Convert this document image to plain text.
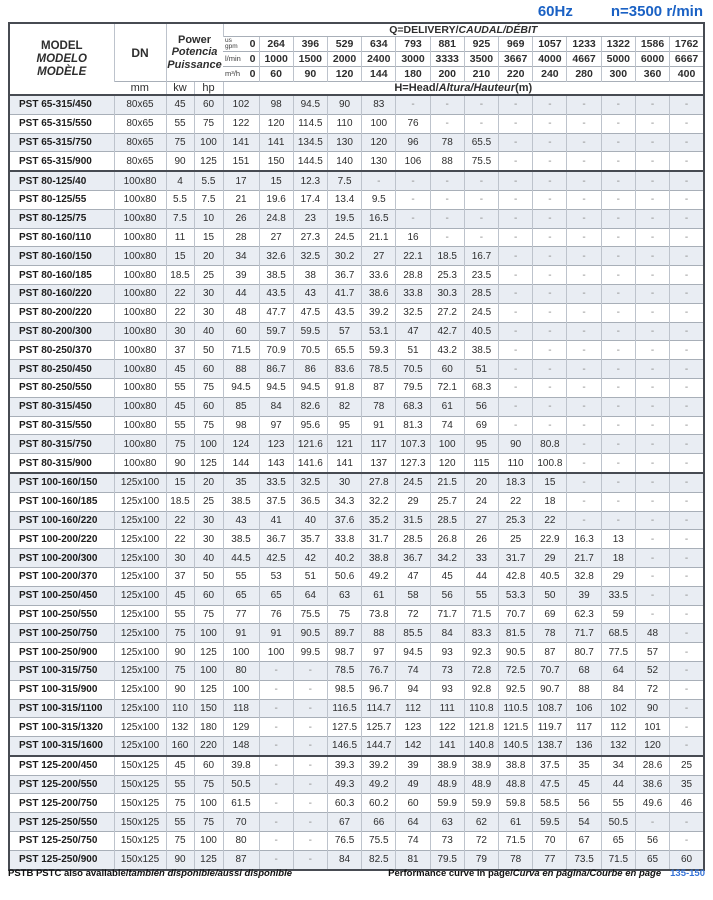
60Hz	n=3500 r/min
MODEL
MODELO
MODÈLE	DN	Power
Potencia
Puissance		Q=DELIVERY/CAUDAL/DÉBIT													

				us
gpm 0	264	396	529	634	793	881	925	969	1057	1233	1322	1586	1762

				l/min 0	1000	1500	2000	2400	3000	3333	3500	3667	4000	4667	5000	6000	6667

				m³/h 0	60	90	120	144	180	200	210	220	240	280	300	360	400
	mm	kw	hp	H=Head/Altura/Hauteur(m)													
PST 65-315/450	80x65	45	60	102	98	94.5	90	83	-	-	-	-	-	-	-	-	-
PST 65-315/550	80x65	55	75	122	120	114.5	110	100	76	-	-	-	-	-	-	-	-
PST 65-315/750	80x65	75	100	141	141	134.5	130	120	96	78	65.5	-	-	-	-	-	-
PST 65-315/900	80x65	90	125	151	150	144.5	140	130	106	88	75.5	-	-	-	-	-	-
PST 80-125/40	100x80	4	5.5	17	15	12.3	7.5	-	-	-	-	-	-	-	-	-	-
PST 80-125/55	100x80	5.5	7.5	21	19.6	17.4	13.4	9.5	-	-	-	-	-	-	-	-	-
PST 80-125/75	100x80	7.5	10	26	24.8	23	19.5	16.5	-	-	-	-	-	-	-	-	-
PST 80-160/110	100x80	11	15	28	27	27.3	24.5	21.1	16	-	-	-	-	-	-	-	-
PST 80-160/150	100x80	15	20	34	32.6	32.5	30.2	27	22.1	18.5	16.7	-	-	-	-	-	-
PST 80-160/185	100x80	18.5	25	39	38.5	38	36.7	33.6	28.8	25.3	23.5	-	-	-	-	-	-
PST 80-160/220	100x80	22	30	44	43.5	43	41.7	38.6	33.8	30.3	28.5	-	-	-	-	-	-
PST 80-200/220	100x80	22	30	48	47.7	47.5	43.5	39.2	32.5	27.2	24.5	-	-	-	-	-	-
PST 80-200/300	100x80	30	40	60	59.7	59.5	57	53.1	47	42.7	40.5	-	-	-	-	-	-
PST 80-250/370	100x80	37	50	71.5	70.9	70.5	65.5	59.3	51	43.2	38.5	-	-	-	-	-	-
PST 80-250/450	100x80	45	60	88	86.7	86	83.6	78.5	70.5	60	51	-	-	-	-	-	-
PST 80-250/550	100x80	55	75	94.5	94.5	94.5	91.8	87	79.5	72.1	68.3	-	-	-	-	-	-
PST 80-315/450	100x80	45	60	85	84	82.6	82	78	68.3	61	56	-	-	-	-	-	-
PST 80-315/550	100x80	55	75	98	97	95.6	95	91	81.3	74	69	-	-	-	-	-	-
PST 80-315/750	100x80	75	100	124	123	121.6	121	117	107.3	100	95	90	80.8	-	-	-	-
PST 80-315/900	100x80	90	125	144	143	141.6	141	137	127.3	120	115	110	100.8	-	-	-	-
PST 100-160/150	125x100	15	20	35	33.5	32.5	30	27.8	24.5	21.5	20	18.3	15	-	-	-	-
PST 100-160/185	125x100	18.5	25	38.5	37.5	36.5	34.3	32.2	29	25.7	24	22	18	-	-	-	-
PST 100-160/220	125x100	22	30	43	41	40	37.6	35.2	31.5	28.5	27	25.3	22	-	-	-	-
PST 100-200/220	125x100	22	30	38.5	36.7	35.7	33.8	31.7	28.5	26.8	26	25	22.9	16.3	13	-	-
PST 100-200/300	125x100	30	40	44.5	42.5	42	40.2	38.8	36.7	34.2	33	31.7	29	21.7	18	-	-
PST 100-200/370	125x100	37	50	55	53	51	50.6	49.2	47	45	44	42.8	40.5	32.8	29	-	-
PST 100-250/450	125x100	45	60	65	65	64	63	61	58	56	55	53.3	50	39	33.5	-	-
PST 100-250/550	125x100	55	75	77	76	75.5	75	73.8	72	71.7	71.5	70.7	69	62.3	59	-	-
PST 100-250/750	125x100	75	100	91	91	90.5	89.7	88	85.5	84	83.3	81.5	78	71.7	68.5	48	-
PST 100-250/900	125x100	90	125	100	100	99.5	98.7	97	94.5	93	92.3	90.5	87	80.7	77.5	57	-
PST 100-315/750	125x100	75	100	80	-	-	78.5	76.7	74	73	72.8	72.5	70.7	68	64	52	-
PST 100-315/900	125x100	90	125	100	-	-	98.5	96.7	94	93	92.8	92.5	90.7	88	84	72	-
PST 100-315/1100	125x100	110	150	118	-	-	116.5	114.7	112	111	110.8	110.5	108.7	106	102	90	-
PST 100-315/1320	125x100	132	180	129	-	-	127.5	125.7	123	122	121.8	121.5	119.7	117	112	101	-
PST 100-315/1600	125x100	160	220	148	-	-	146.5	144.7	142	141	140.8	140.5	138.7	136	132	120	-
PST 125-200/450	150x125	45	60	39.8	-	-	39.3	39.2	39	38.9	38.9	38.8	37.5	35	34	28.6	25
PST 125-200/550	150x125	55	75	50.5	-	-	49.3	49.2	49	48.9	48.9	48.8	47.5	45	44	38.6	35
PST 125-200/750	150x125	75	100	61.5	-	-	60.3	60.2	60	59.9	59.9	59.8	58.5	56	55	49.6	46
PST 125-250/550	150x125	55	75	70	-	-	67	66	64	63	62	61	59.5	54	50.5	-	-
PST 125-250/750	150x125	75	100	80	-	-	76.5	75.5	74	73	72	71.5	70	67	65	56	-
PST 125-250/900	150x125	90	125	87	-	-	84	82.5	81	79.5	79	78	77	73.5	71.5	65	60
PSTB PSTC also available/también disponible/aussi disponible	Performance curve in page/Curva en página/Courbe en page 135-150
